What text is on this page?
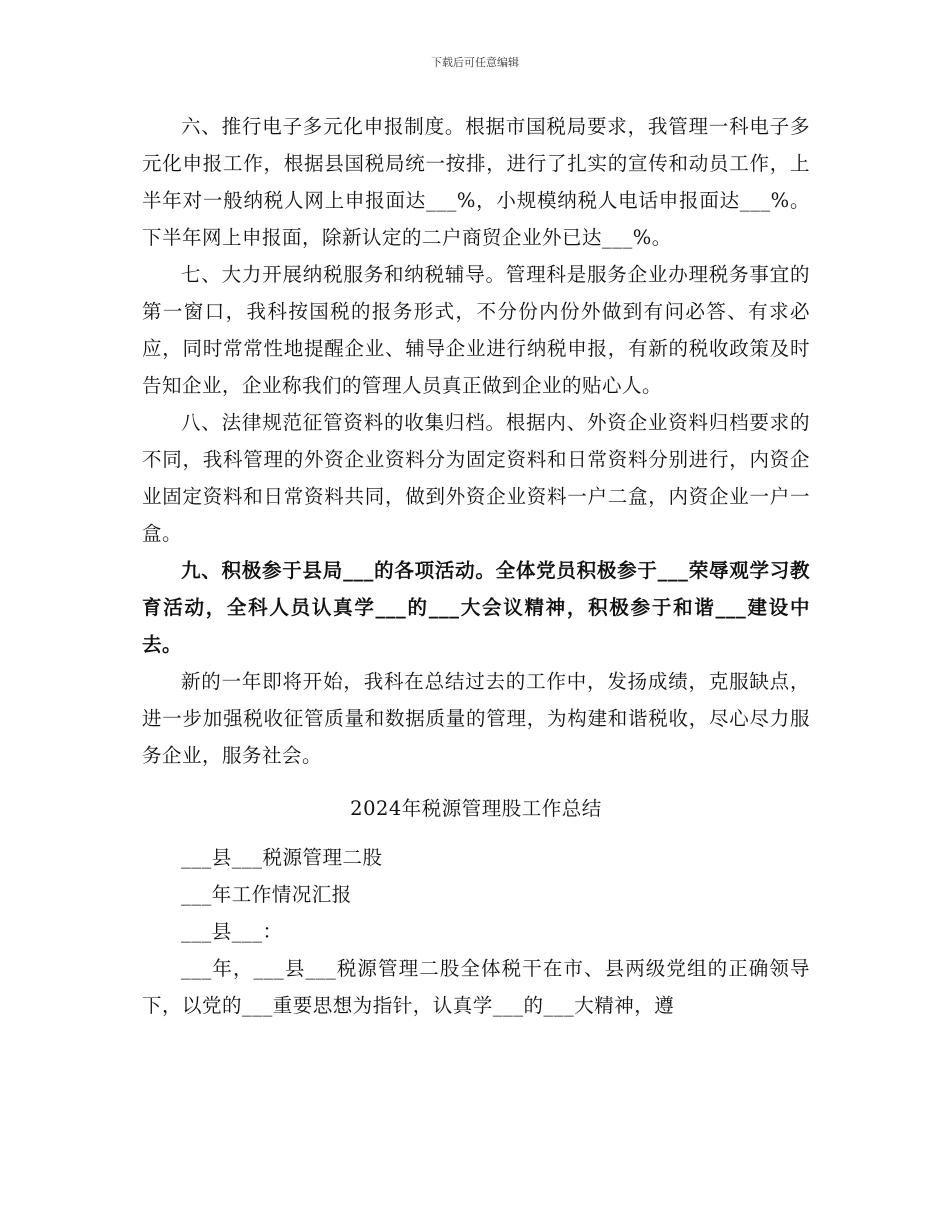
下载后可任意编辑

六、推行电子多元化申报制度。根据市国税局要求，我管理一科电子多元化申报工作，根据县国税局统一按排，进行了扎实的宣传和动员工作，上半年对一般纳税人网上申报面达___%，小规模纳税人电话申报面达___%。下半年网上申报面，除新认定的二户商贸企业外已达___%。

七、大力开展纳税服务和纳税辅导。管理科是服务企业办理税务事宜的第一窗口，我科按国税的报务形式，不分份内份外做到有问必答、有求必应，同时常常性地提醒企业、辅导企业进行纳税申报，有新的税收政策及时告知企业，企业称我们的管理人员真正做到企业的贴心人。

八、法律规范征管资料的收集归档。根据内、外资企业资料归档要求的不同，我科管理的外资企业资料分为固定资料和日常资料分别进行，内资企业固定资料和日常资料共同，做到外资企业资料一户二盒，内资企业一户一盒。

九、积极参于县局___的各项活动。全体党员积极参于___荣辱观学习教育活动，全科人员认真学___的___大会议精神，积极参于和谐___建设中去。

新的一年即将开始，我科在总结过去的工作中，发扬成绩，克服缺点，进一步加强税收征管质量和数据质量的管理，为构建和谐税收，尽心尽力服务企业，服务社会。

2024年税源管理股工作总结

___县___税源管理二股

___年工作情况汇报

___县___：

___年，___县___税源管理二股全体税干在市、县两级党组的正确领导下，以党的___重要思想为指针，认真学___的___大精神，遵
